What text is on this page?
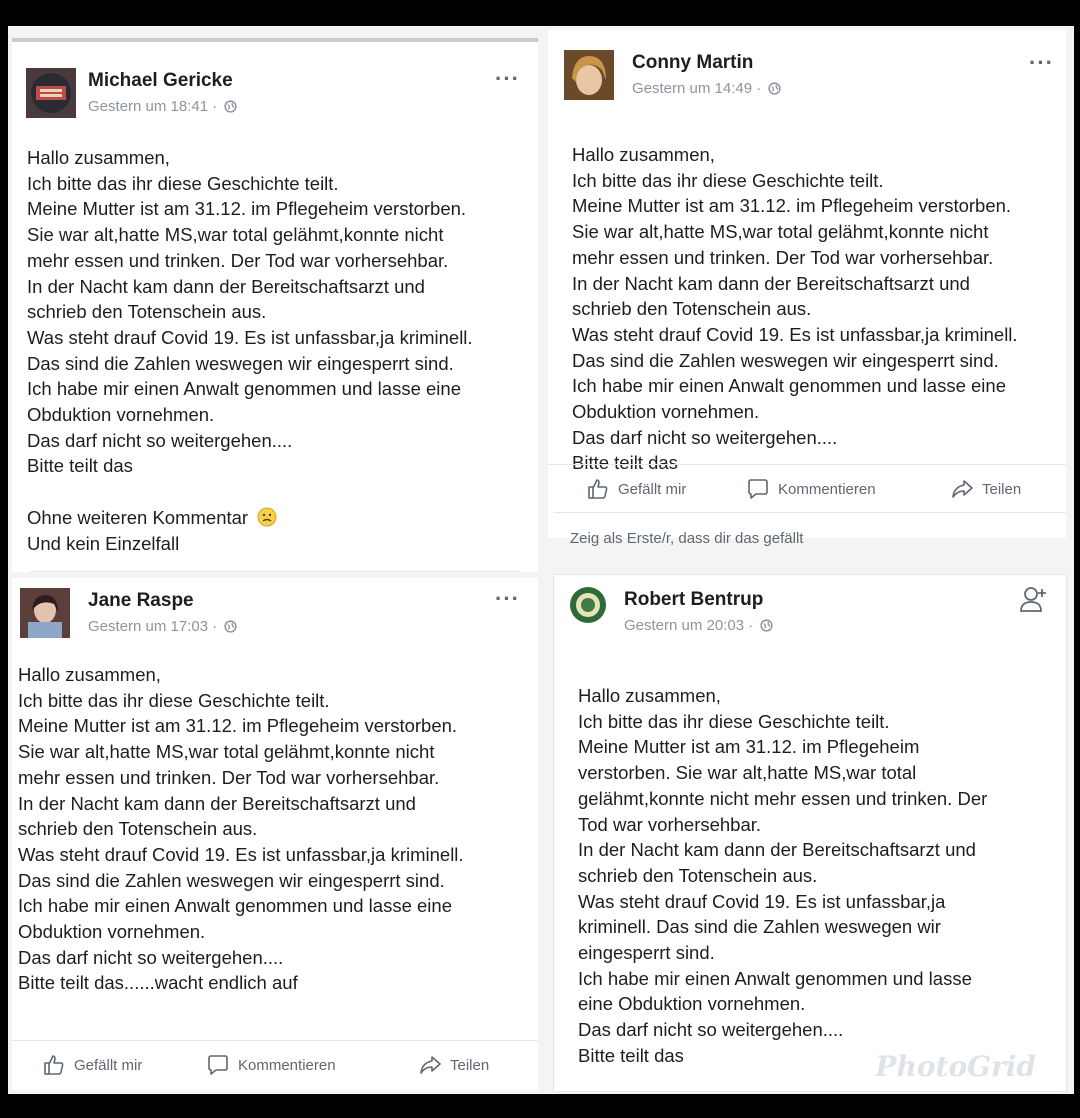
Michael Gericke
Gestern um 18:41 ·
···
Hallo zusammen,
Ich bitte das ihr diese Geschichte teilt.
Meine Mutter ist am 31.12. im Pflegeheim verstorben.
Sie war alt,hatte MS,war total gelähmt,konnte nicht
mehr essen und trinken. Der Tod war vorhersehbar.
In der Nacht kam dann der Bereitschaftsarzt und
schrieb den Totenschein aus.
Was steht drauf Covid 19. Es ist unfassbar,ja kriminell.
Das sind die Zahlen weswegen wir eingesperrt sind.
Ich habe mir einen Anwalt genommen und lasse eine
Obduktion vornehmen.
Das darf nicht so weitergehen....
Bitte teilt das

Ohne weiteren Kommentar
Und kein Einzelfall
Conny Martin
Gestern um 14:49 ·
···
Hallo zusammen,
Ich bitte das ihr diese Geschichte teilt.
Meine Mutter ist am 31.12. im Pflegeheim verstorben.
Sie war alt,hatte MS,war total gelähmt,konnte nicht
mehr essen und trinken. Der Tod war vorhersehbar.
In der Nacht kam dann der Bereitschaftsarzt und
schrieb den Totenschein aus.
Was steht drauf Covid 19. Es ist unfassbar,ja kriminell.
Das sind die Zahlen weswegen wir eingesperrt sind.
Ich habe mir einen Anwalt genommen und lasse eine
Obduktion vornehmen.
Das darf nicht so weitergehen....
Bitte teilt das
Gefällt mir	Kommentieren	Teilen
Zeig als Erste/r, dass dir das gefällt
Jane Raspe
Gestern um 17:03 ·
···
Hallo zusammen,
Ich bitte das ihr diese Geschichte teilt.
Meine Mutter ist am 31.12. im Pflegeheim verstorben.
Sie war alt,hatte MS,war total gelähmt,konnte nicht
mehr essen und trinken. Der Tod war vorhersehbar.
In der Nacht kam dann der Bereitschaftsarzt und
schrieb den Totenschein aus.
Was steht drauf Covid 19. Es ist unfassbar,ja kriminell.
Das sind die Zahlen weswegen wir eingesperrt sind.
Ich habe mir einen Anwalt genommen und lasse eine
Obduktion vornehmen.
Das darf nicht so weitergehen....
Bitte teilt das......wacht endlich auf
Gefällt mir	Kommentieren	Teilen
Robert Bentrup
Gestern um 20:03 ·
Hallo zusammen,
Ich bitte das ihr diese Geschichte teilt.
Meine Mutter ist am 31.12. im Pflegeheim
verstorben. Sie war alt,hatte MS,war total
gelähmt,konnte nicht mehr essen und trinken. Der
Tod war vorhersehbar.
In der Nacht kam dann der Bereitschaftsarzt und
schrieb den Totenschein aus.
Was steht drauf Covid 19. Es ist unfassbar,ja
kriminell. Das sind die Zahlen weswegen wir
eingesperrt sind.
Ich habe mir einen Anwalt genommen und lasse
eine Obduktion vornehmen.
Das darf nicht so weitergehen....
Bitte teilt das	PhotoGrid
